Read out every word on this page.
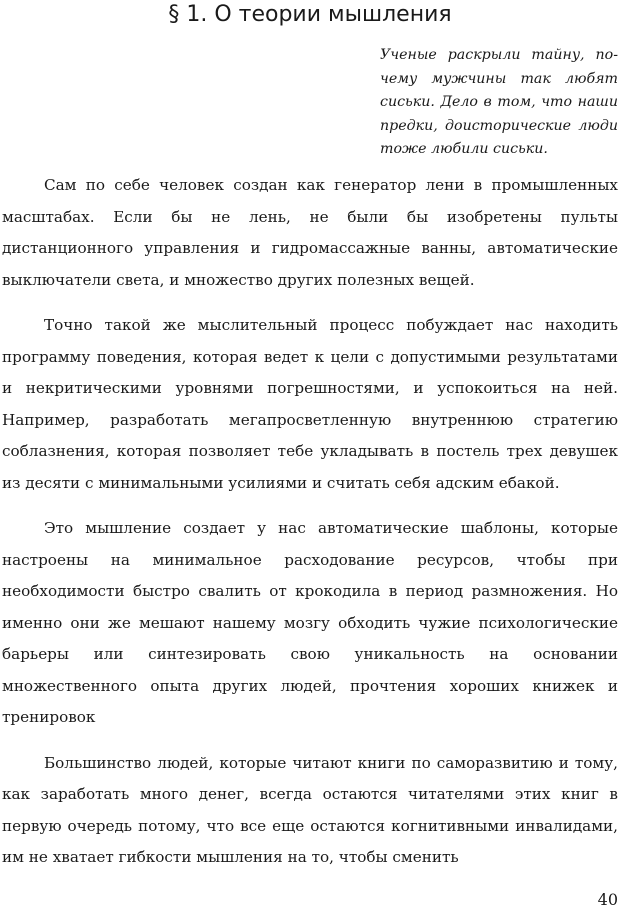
§ 1. О теории мышления
Ученые раскрыли тайну, почему мужчины так любят сиськи. Дело в том, что наши предки, доисторические люди тоже любили сиськи.

Сам по себе человек создан как генератор лени в промышленных масштабах. Если бы не лень, не были бы изобретены пульты дистанционного управления и гидромассажные ванны, автоматические выключатели света, и множество других полезных вещей.

Точно такой же мыслительный процесс побуждает нас находить программу поведения, которая ведет к цели с допустимыми результатами и некритическими уровнями погрешностями, и успокоиться на ней. Например, разработать мегапросветленную внутреннюю стратегию соблазнения, которая позволяет тебе укладывать в постель трех девушек из десяти с минимальными усилиями и считать себя адским ебакой.

Это мышление создает у нас автоматические шаблоны, которые настроены на минимальное расходование ресурсов, чтобы при необходимости быстро свалить от крокодила в период размножения. Но именно они же мешают нашему мозгу обходить чужие психологические барьеры или синтезировать свою уникальность на основании множественного опыта других людей, прочтения хороших книжек и тренировок

Большинство людей, которые читают книги по саморазвитию и тому, как заработать много денег, всегда остаются читателями этих книг в первую очередь потому, что все еще остаются когнитивными инвалидами, им не хватает гибкости мышления на то, чтобы сменить

40
